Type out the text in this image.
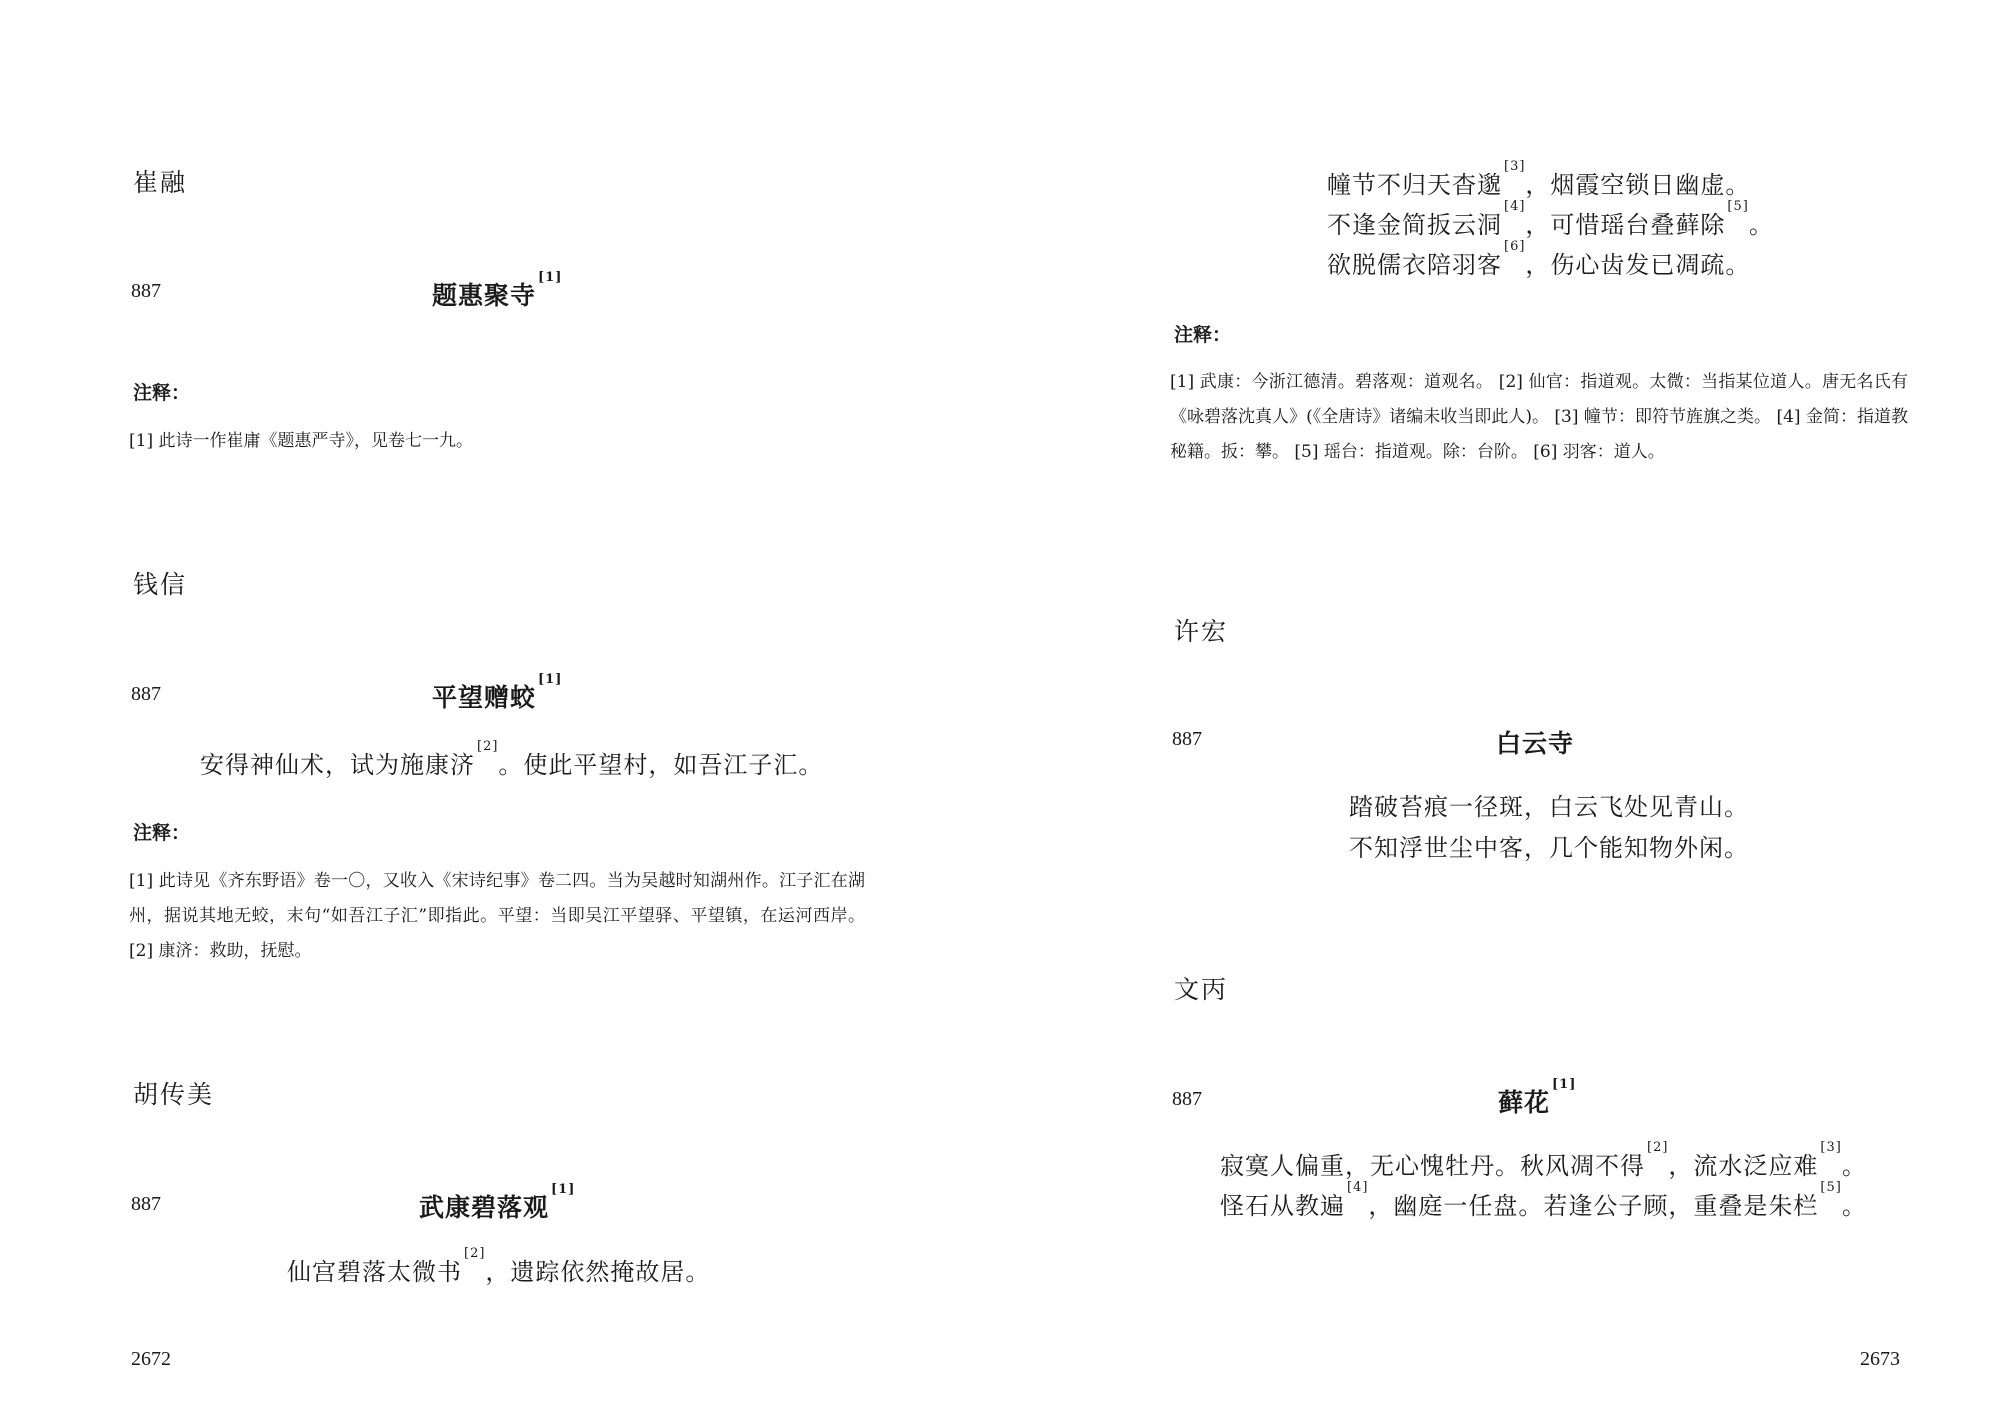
崔融
887	题惠聚寺[1]
注释：
[1] 此诗一作崔庸《题惠严寺》，见卷七一九。
钱信
887	平望赠蛟[1]
安得神仙术，试为施康济[2]。使此平望村，如吾江子汇。
注释：
[1] 此诗见《齐东野语》卷一〇，又收入《宋诗纪事》卷二四。当为吴越时知湖州作。江子汇在湖州，据说其地无蛟，末句“如吾江子汇”即指此。平望：当即吴江平望驿、平望镇，在运河西岸。 [2] 康济：救助，抚慰。
胡传美
887	武康碧落观[1]
仙宫碧落太微书[2]，遗踪依然掩故居。
2672
幢节不归天杳邈[3]，烟霞空锁日幽虚。
不逢金简扳云洞[4]，可惜瑶台叠藓除[5]。
欲脱儒衣陪羽客[6]，伤心齿发已凋疏。
注释：
[1] 武康：今浙江德清。碧落观：道观名。 [2] 仙官：指道观。太微：当指某位道人。唐无名氏有《咏碧落沈真人》(《全唐诗》诸编未收当即此人)。 [3] 幢节：即符节旌旗之类。 [4] 金简：指道教秘籍。扳：攀。 [5] 瑶台：指道观。除：台阶。 [6] 羽客：道人。
许宏
887	白云寺
踏破苔痕一径斑，白云飞处见青山。
不知浮世尘中客，几个能知物外闲。
文丙
887	藓花[1]
寂寞人偏重，无心愧牡丹。秋风凋不得[2]，流水泛应难[3]。
怪石从教遍[4]，幽庭一任盘。若逢公子顾，重叠是朱栏[5]。
2673
